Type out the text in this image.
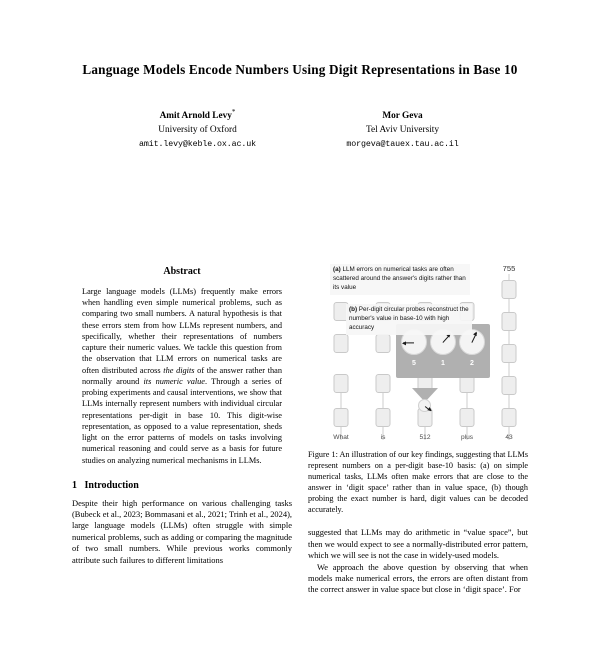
Language Models Encode Numbers Using Digit Representations in Base 10
Amit Arnold Levy*
University of Oxford
amit.levy@keble.ox.ac.uk
Mor Geva
Tel Aviv University
morgeva@tauex.tau.ac.il
Abstract

Large language models (LLMs) frequently make errors when handling even simple numerical problems, such as comparing two small numbers. A natural hypothesis is that these errors stem from how LLMs represent numbers, and specifically, whether their representations of numbers capture their numeric values. We tackle this question from the observation that LLM errors on numerical tasks are often distributed across the digits of the answer rather than normally around its numeric value. Through a series of probing experiments and causal interventions, we show that LLMs internally represent numbers with individual circular representations per-digit in base 10. This digit-wise representation, as opposed to a value representation, sheds light on the error patterns of models on tasks involving numerical reasoning and could serve as a basis for future studies on analyzing numerical mechanisms in LLMs.

1 Introduction

Despite their high performance on various challenging tasks (Bubeck et al., 2023; Bommasani et al., 2021; Trinh et al., 2024), large language models (LLMs) often struggle with simple numerical problems, such as adding or comparing the magnitude of two small numbers. While previous works commonly attribute such failures to different limitations

755
5	1	2
(a) LLM errors on numerical tasks are often scattered around the answer's digits rather than its value
(b) Per-digit circular probes reconstruct the number's value in base-10 with high accuracy
What	is	512	plus	43

Figure 1: An illustration of our key findings, suggesting that LLMs represent numbers on a per-digit base-10 basis: (a) on simple numerical tasks, LLMs often make errors that are close to the answer in ‘digit space’ rather than in value space, (b) though probing the exact number is hard, digit values can be decoded accurately.

suggested that LLMs may do arithmetic in “value space”, but then we would expect to see a normally-distributed error pattern, which we will see is not the case in widely-used models.

We approach the above question by observing that when models make numerical errors, the errors are often distant from the correct answer in value space but close in ‘digit space’. For
